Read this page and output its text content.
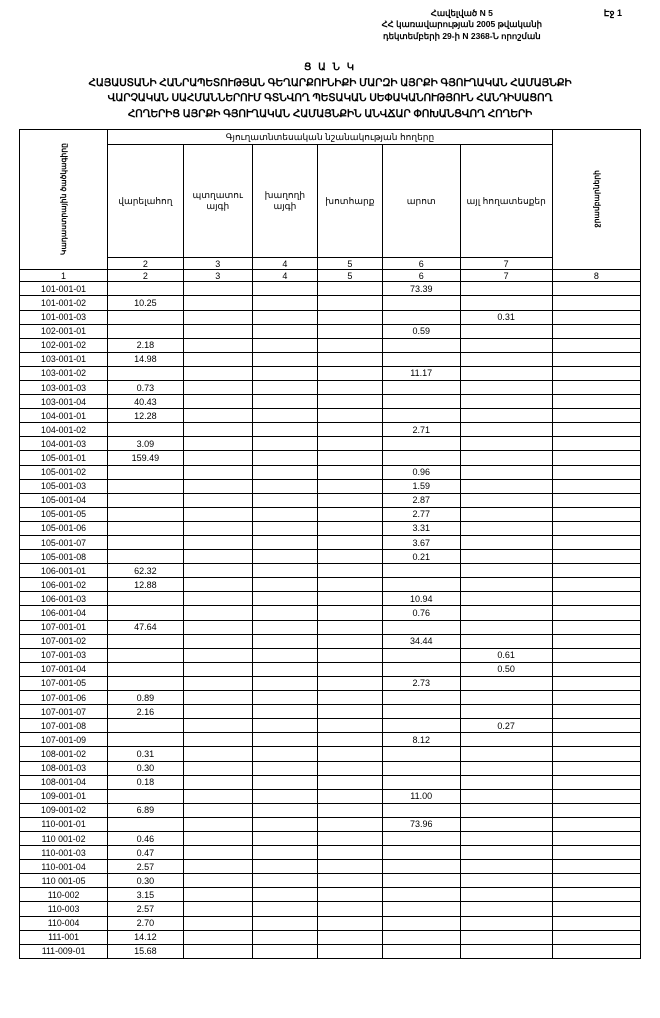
Հավելված N 5
ՀՀ կառավարության 2005 թվականի
դեկտեմբերի 29-ի N 2368-Ն որոշման
Էջ 1
Ց Ա Ն Կ
ՀԱՅԱՍՏԱՆԻ ՀԱՆՐԱՊԵՏՈՒԹՅԱՆ ԳԵՂԱՐՔՈՒՆԻՔԻ ՄԱՐԶԻ ԱՅՐՔԻ ԳՅՈՒՂԱԿԱՆ ՀԱՄԱՅՆՔԻ
ՎԱՐՉԱԿԱՆ ՍԱՀՄԱՆՆԵՐՈՒՄ ԳՏՆՎՈՂ ՊԵՏԱԿԱՆ ՍԵՓԱԿԱՆՈՒԹՅՈՒՆ ՀԱՆԴԻՍԱՑՈՂ
ՀՈՂԵՐԻՑ ԱՅՐՔԻ ԳՅՈՒՂԱԿԱՆ ՀԱՄԱՅՆՔԻՆ ԱՆՎՃԱՐ ՓՈԽԱՆՑՎՈՂ ՀՈՂԵՐԻ
Կադաստրային ծածկագիրը	Գյուղատնտեսական նշանակության հողերը						ջրամբարների
	վարելահող	պտղատու այգի	խաղողի այգի	խոտհարք	արոտ	այլ հողատեսքեր	
	2	3	4	5	6	7	
1	2	3	4	5	6	7	8
101-001-01					73.39		
101-001-02	10.25						
101-001-03						0.31	
102-001-01					0.59		
102-001-02	2.18						
103-001-01	14.98						
103-001-02					11.17		
103-001-03	0.73						
103-001-04	40.43						
104-001-01	12.28						
104-001-02					2.71		
104-001-03	3.09						
105-001-01	159.49						
105-001-02					0.96		
105-001-03					1.59		
105-001-04					2.87		
105-001-05					2.77		
105-001-06					3.31		
105-001-07					3.67		
105-001-08					0.21		
106-001-01	62.32						
106-001-02	12.88						
106-001-03					10.94		
106-001-04					0.76		
107-001-01	47.64						
107-001-02					34.44		
107-001-03						0.61	
107-001-04						0.50	
107-001-05					2.73		
107-001-06	0.89						
107-001-07	2.16						
107-001-08						0.27	
107-001-09					8.12		
108-001-02	0.31						
108-001-03	0.30						
108-001-04	0.18						
109-001-01					11.00		
109-001-02	6.89						
110-001-01					73.96		
110 001-02	0.46						
110-001-03	0.47						
110-001-04	2.57						
110 001-05	0.30						
110-002	3.15						
110-003	2.57						
110-004	2.70						
111-001	14.12						
111-009-01	15.68						
